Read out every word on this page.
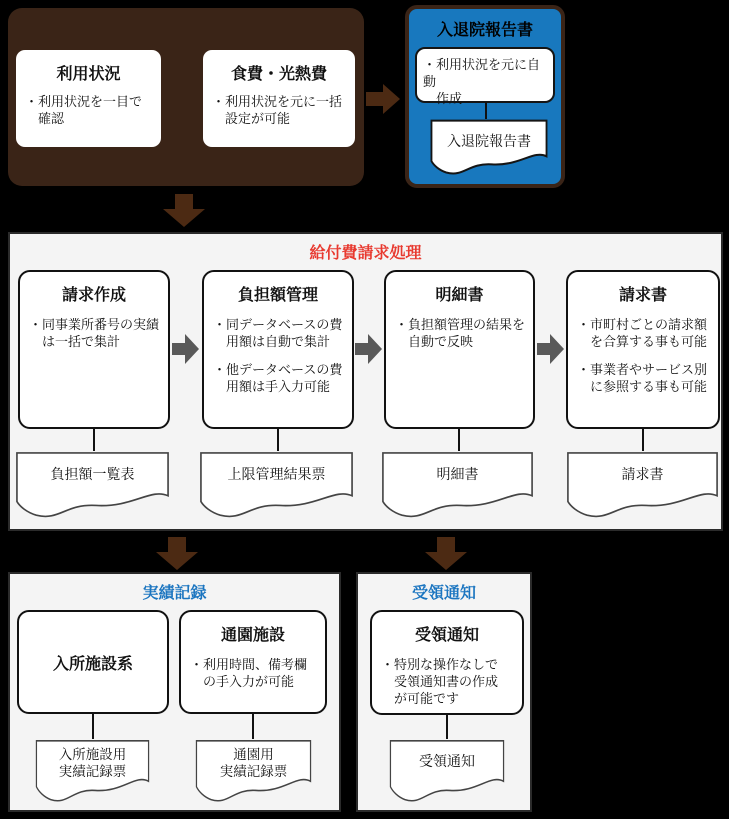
利用状況
・利用状況を一目で
確認
食費・光熱費
・利用状況を元に一括
設定が可能
入退院報告書
・利用状況を元に自動
作成
入退院報告書
給付費請求処理
請求作成
・同事業所番号の実績
は一括で集計
負担額管理
・同データベースの費
用額は自動で集計
・他データベースの費
用額は手入力可能
明細書
・負担額管理の結果を
自動で反映
請求書
・市町村ごとの請求額
を合算する事も可能
・事業者やサービス別
に参照する事も可能
負担額一覧表	上限管理結果票	明細書	請求書
実績記録
入所施設系
通園施設
・利用時間、備考欄
の手入力が可能
入所施設用
実績記録票
通園用
実績記録票
受領通知
受領通知
・特別な操作なしで
受領通知書の作成
が可能です
受領通知
